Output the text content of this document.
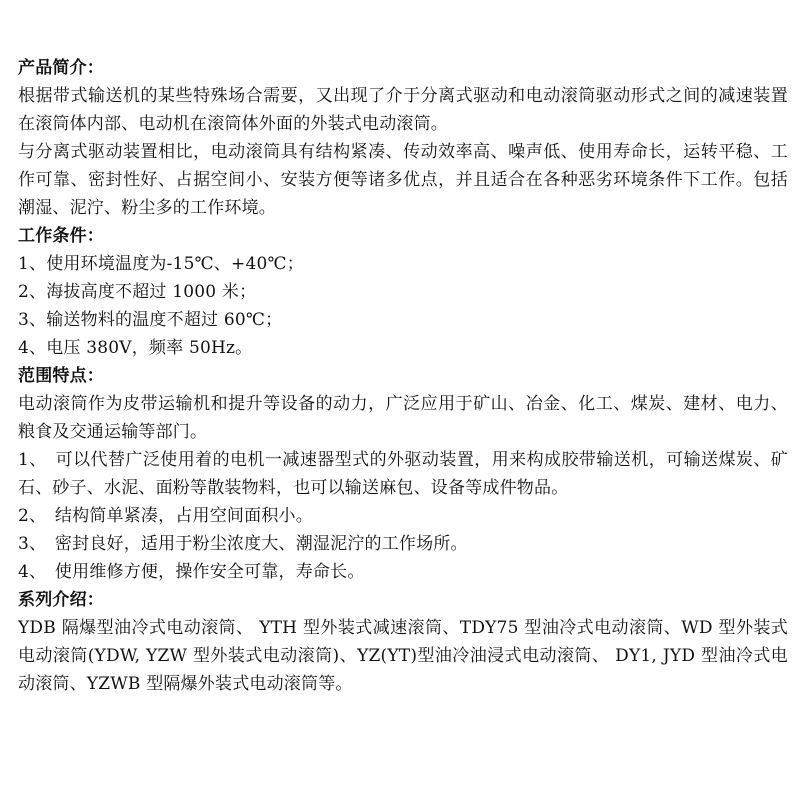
产品简介：

根据带式输送机的某些特殊场合需要，又出现了介于分离式驱动和电动滚筒驱动形式之间的减速装置在滚筒体内部、电动机在滚筒体外面的外装式电动滚筒。

与分离式驱动装置相比，电动滚筒具有结构紧凑、传动效率高、噪声低、使用寿命长，运转平稳、工作可靠、密封性好、占据空间小、安装方便等诸多优点，并且适合在各种恶劣环境条件下工作。包括潮湿、泥泞、粉尘多的工作环境。

工作条件：

1、使用环境温度为-15℃、+40℃；

2、海拔高度不超过 1000 米；

3、输送物料的温度不超过 60℃；

4、电压 380V，频率 50Hz。

范围特点：

电动滚筒作为皮带运输机和提升等设备的动力，广泛应用于矿山、冶金、化工、煤炭、建材、电力、粮食及交通运输等部门。

1、　可以代替广泛使用着的电机一减速器型式的外驱动装置，用来构成胶带输送机，可输送煤炭、矿石、砂子、水泥、面粉等散装物料，也可以输送麻包、设备等成件物品。

2、　结构简单紧凑，占用空间面积小。

3、　密封良好，适用于粉尘浓度大、潮湿泥泞的工作场所。

4、　使用维修方便，操作安全可靠，寿命长。

系列介绍：

YDB 隔爆型油冷式电动滚筒、 YTH 型外装式减速滚筒、TDY75 型油冷式电动滚筒、WD 型外装式电动滚筒(YDW, YZW 型外装式电动滚筒)、YZ(YT)型油冷油浸式电动滚筒、 DY1, JYD 型油冷式电动滚筒、YZWB 型隔爆外装式电动滚筒等。
